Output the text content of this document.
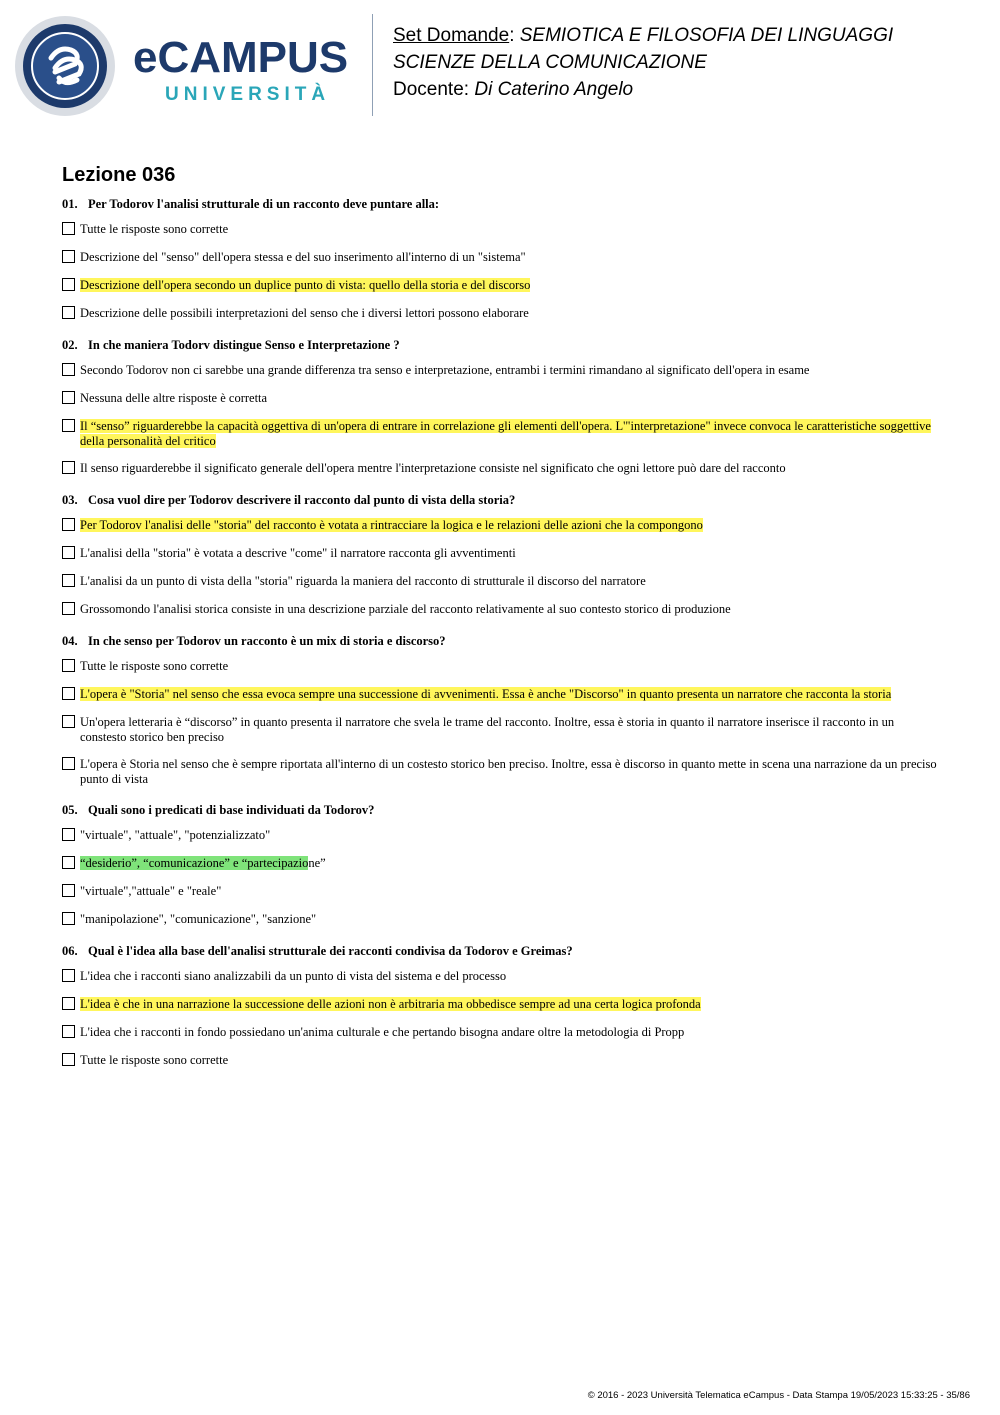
eCAMPUS
UNIVERSITÀ
Set Domande: SEMIOTICA E FILOSOFIA DEI LINGUAGGI
SCIENZE DELLA COMUNICAZIONE
Docente: Di Caterino Angelo
Lezione 036
01. Per Todorov l'analisi strutturale di un racconto deve puntare alla:
Tutte le risposte sono corrette
Descrizione del "senso" dell'opera stessa e del suo inserimento all'interno di un "sistema"
Descrizione dell'opera secondo un duplice punto di vista: quello della storia e del discorso
Descrizione delle possibili interpretazioni del senso che i diversi lettori possono elaborare
02. In che maniera Todorv distingue Senso e Interpretazione ?
Secondo Todorov non ci sarebbe una grande differenza tra senso e interpretazione, entrambi i termini rimandano al significato dell'opera in esame
Nessuna delle altre risposte è corretta
Il “senso” riguarderebbe la capacità oggettiva di un'opera di entrare in correlazione gli elementi dell'opera. L'"interpretazione" invece convoca le caratteristiche soggettive della personalità del critico
Il senso riguarderebbe il significato generale dell'opera mentre l'interpretazione consiste nel significato che ogni lettore può dare del racconto
03. Cosa vuol dire per Todorov descrivere il racconto dal punto di vista della storia?
Per Todorov l'analisi delle "storia" del racconto è votata a rintracciare la logica e le relazioni delle azioni che la compongono
L'analisi della "storia" è votata a descrive "come" il narratore racconta gli avventimenti
L'analisi da un punto di vista della "storia" riguarda la maniera del racconto di strutturale il discorso del narratore
Grossomondo l'analisi storica consiste in una descrizione parziale del racconto relativamente al suo contesto storico di produzione
04. In che senso per Todorov un racconto è un mix di storia e discorso?
Tutte le risposte sono corrette
L'opera è "Storia" nel senso che essa evoca sempre una successione di avvenimenti. Essa è anche "Discorso" in quanto presenta un narratore che racconta la storia
Un'opera letteraria è “discorso” in quanto presenta il narratore che svela le trame del racconto. Inoltre, essa è storia in quanto il narratore inserisce il racconto in un constesto storico ben preciso
L'opera è Storia nel senso che è sempre riportata all'interno di un costesto storico ben preciso. Inoltre, essa è discorso in quanto mette in scena una narrazione da un preciso punto di vista
05. Quali sono i predicati di base individuati da Todorov?
"virtuale", "attuale", "potenzializzato"
“desiderio”, “comunicazione” e “partecipazione”
"virtuale","attuale" e "reale"
"manipolazione", "comunicazione", "sanzione"
06. Qual è l'idea alla base dell'analisi strutturale dei racconti condivisa da Todorov e Greimas?
L'idea che i racconti siano analizzabili da un punto di vista del sistema e del processo
L'idea è che in una narrazione la successione delle azioni non è arbitraria ma obbedisce sempre ad una certa logica profonda
L'idea che i racconti in fondo possiedano un'anima culturale e che pertando bisogna andare oltre la metodologia di Propp
Tutte le risposte sono corrette
© 2016 - 2023 Università Telematica eCampus - Data Stampa 19/05/2023 15:33:25 - 35/86
